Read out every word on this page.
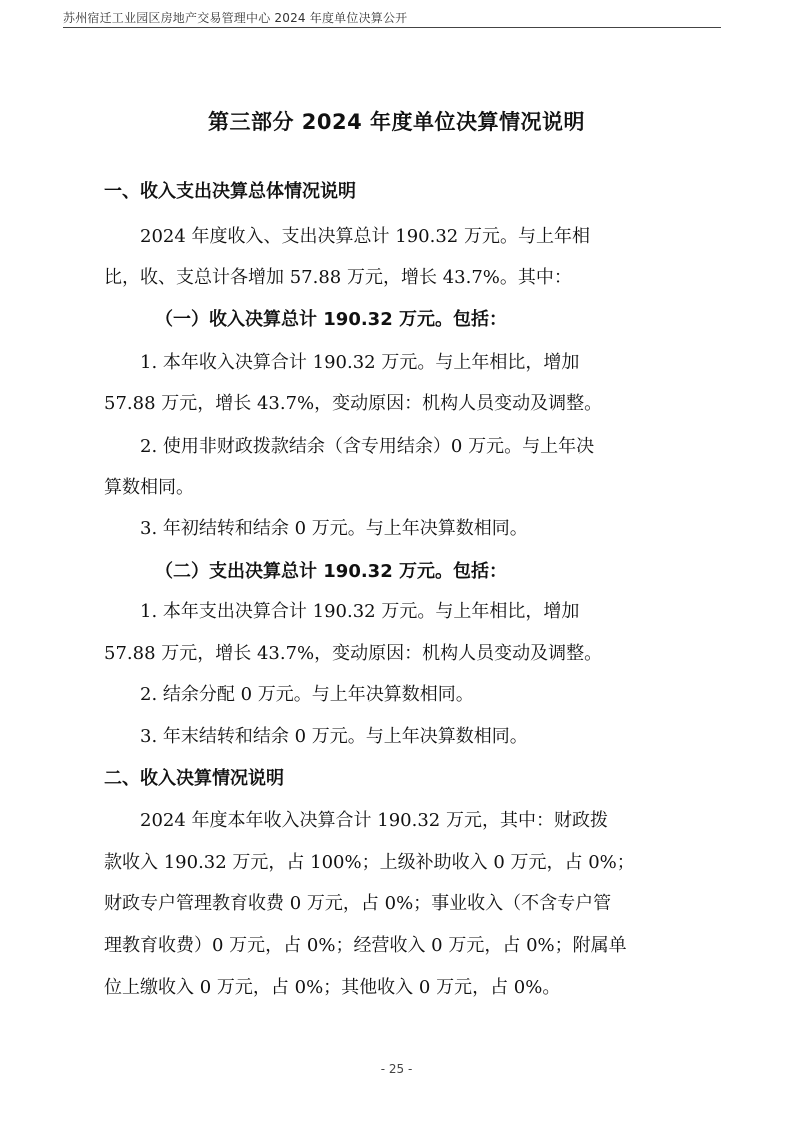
苏州宿迁工业园区房地产交易管理中心 2024 年度单位决算公开
第三部分 2024 年度单位决算情况说明
一、收入支出决算总体情况说明
2024 年度收入、支出决算总计 190.32 万元。与上年相
比，收、支总计各增加 57.88 万元，增长 43.7%。其中：
（一）收入决算总计 190.32 万元。包括：
1. 本年收入决算合计 190.32 万元。与上年相比，增加
57.88 万元，增长 43.7%，变动原因：机构人员变动及调整。
2. 使用非财政拨款结余（含专用结余）0 万元。与上年决
算数相同。
3. 年初结转和结余 0 万元。与上年决算数相同。
（二）支出决算总计 190.32 万元。包括：
1. 本年支出决算合计 190.32 万元。与上年相比，增加
57.88 万元，增长 43.7%，变动原因：机构人员变动及调整。
2. 结余分配 0 万元。与上年决算数相同。
3. 年末结转和结余 0 万元。与上年决算数相同。
二、收入决算情况说明
2024 年度本年收入决算合计 190.32 万元，其中：财政拨
款收入 190.32 万元，占 100%；上级补助收入 0 万元，占 0%；
财政专户管理教育收费 0 万元，占 0%；事业收入（不含专户管
理教育收费）0 万元，占 0%；经营收入 0 万元，占 0%；附属单
位上缴收入 0 万元，占 0%；其他收入 0 万元，占 0%。
- 25 -
